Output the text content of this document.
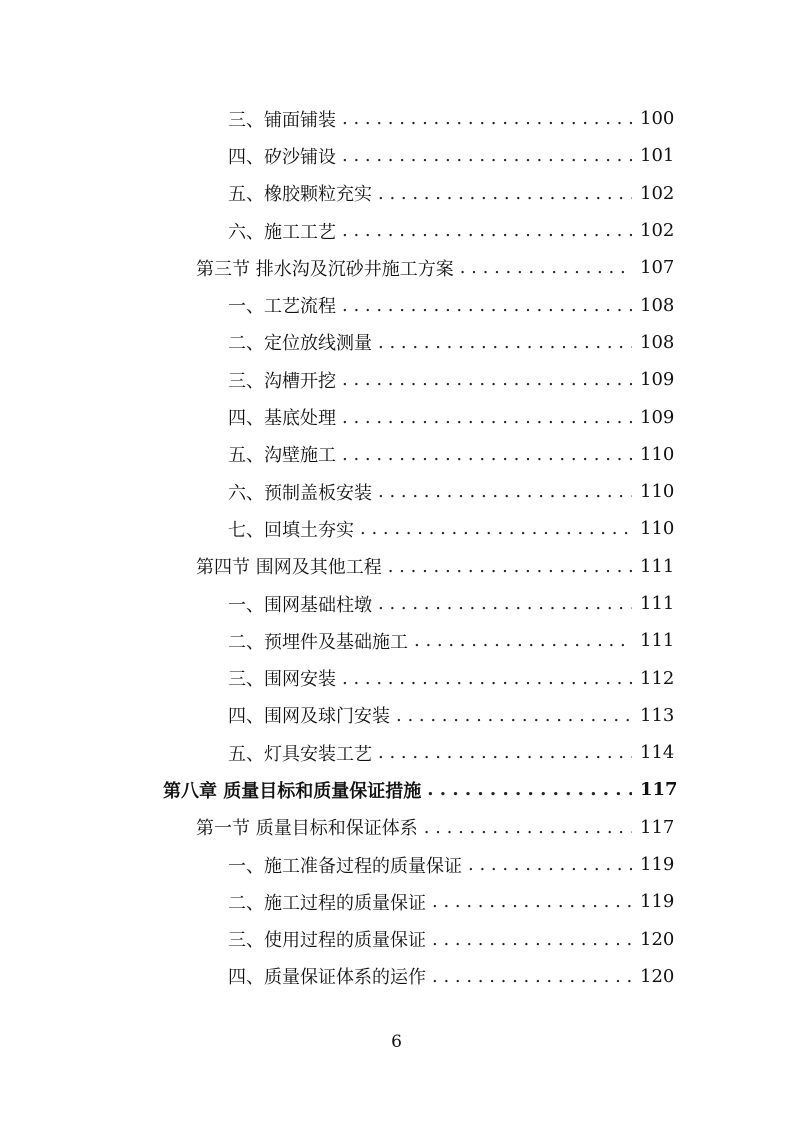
三、铺面铺装 . . .	100
四、矽沙铺设 . . .	101
五、橡胶颗粒充实 . . .	102
六、施工工艺 . . .	102
第三节 排水沟及沉砂井施工方案 . . .	107
一、工艺流程 . . .	108
二、定位放线测量 . . .	108
三、沟槽开挖 . . .	109
四、基底处理 . . .	109
五、沟壁施工 . . .	110
六、预制盖板安装 . . .	110
七、回填土夯实 . . .	110
第四节 围网及其他工程 . . .	111
一、围网基础柱墩 . . .	111
二、预埋件及基础施工 . . .	111
三、围网安装 . . .	112
四、围网及球门安装 . . .	113
五、灯具安装工艺 . . .	114
第八章 质量目标和质量保证措施 . . .	117
第一节 质量目标和保证体系 . . .	117
一、施工准备过程的质量保证 . . .	119
二、施工过程的质量保证 . . .	119
三、使用过程的质量保证 . . .	120
四、质量保证体系的运作 . . .	120
6
